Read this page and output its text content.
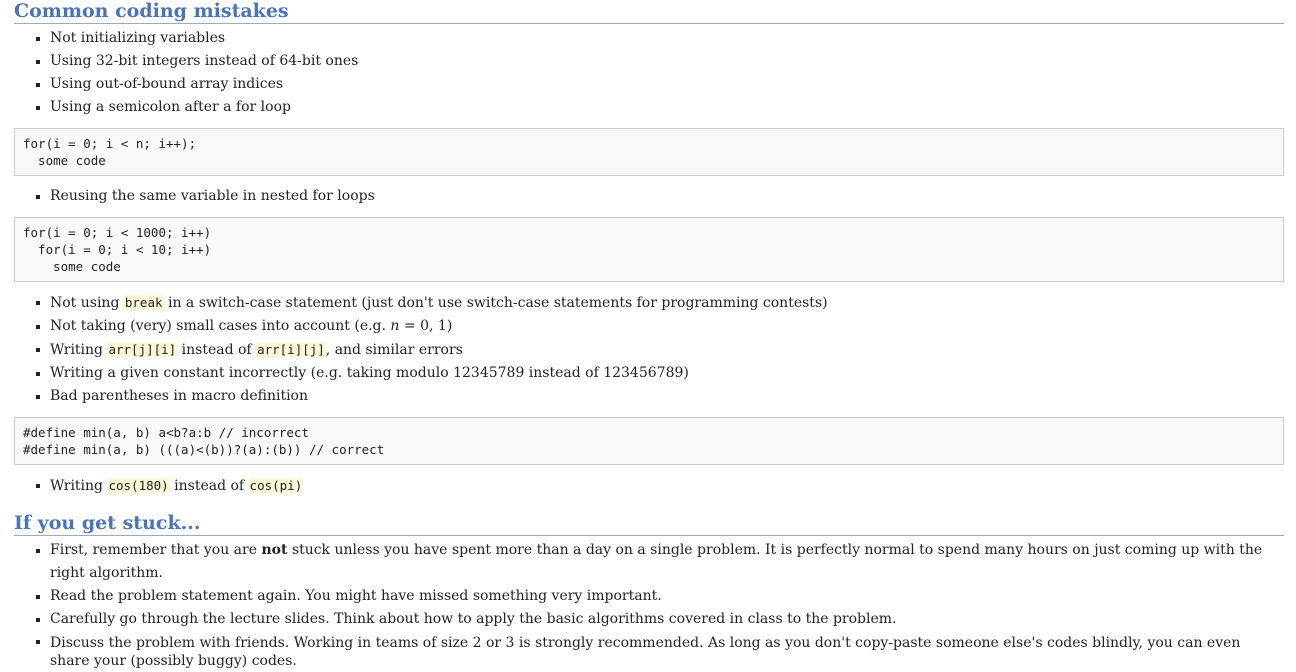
Common coding mistakes
Not initializing variables
Using 32-bit integers instead of 64-bit ones
Using out-of-bound array indices
Using a semicolon after a for loop
for(i = 0; i < n; i++);
some code
Reusing the same variable in nested for loops
for(i = 0; i < 1000; i++)
for(i = 0; i < 10; i++)
some code
Not using break in a switch-case statement (just don't use switch-case statements for programming contests)
Not taking (very) small cases into account (e.g. n = 0, 1)
Writing arr[j][i] instead of arr[i][j], and similar errors
Writing a given constant incorrectly (e.g. taking modulo 12345789 instead of 123456789)
Bad parentheses in macro definition
#define min(a, b) a<b?a:b // incorrect
#define min(a, b) (((a)<(b))?(a):(b)) // correct
Writing cos(180) instead of cos(pi)
If you get stuck...
First, remember that you are not stuck unless you have spent more than a day on a single problem. It is perfectly normal to spend many hours on just coming up with the right algorithm.
Read the problem statement again. You might have missed something very important.
Carefully go through the lecture slides. Think about how to apply the basic algorithms covered in class to the problem.
Discuss the problem with friends. Working in teams of size 2 or 3 is strongly recommended. As long as you don't copy-paste someone else's codes blindly, you can even share your (possibly buggy) codes.
